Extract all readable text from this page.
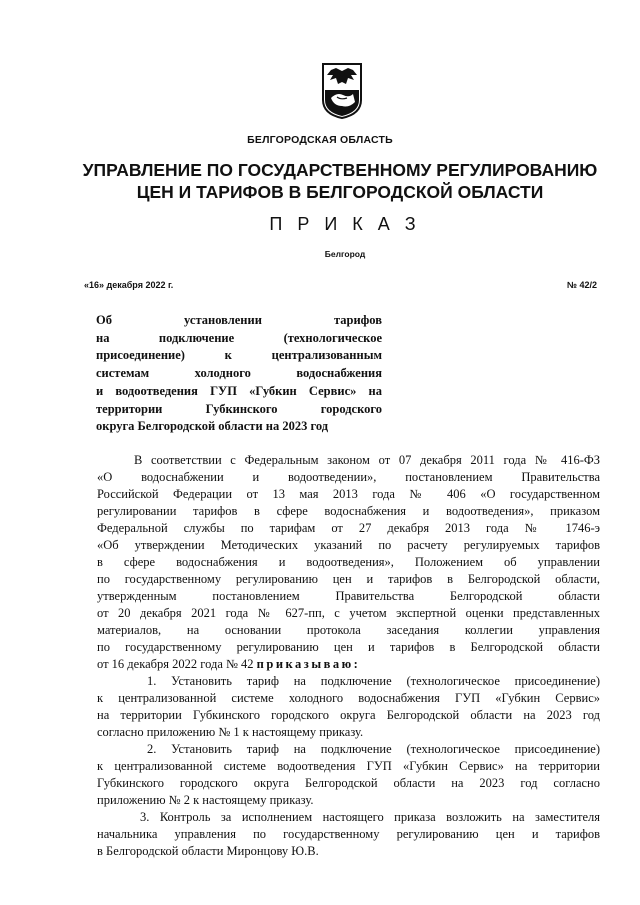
БЕЛГОРОДСКАЯ ОБЛАСТЬ
УПРАВЛЕНИЕ ПО ГОСУДАРСТВЕННОМУ РЕГУЛИРОВАНИЮ
ЦЕН И ТАРИФОВ В БЕЛГОРОДСКОЙ ОБЛАСТИ
П Р И К А З
Белгород
«16» декабря 2022 г.	№ 42/2
Об установлении тарифов
на подключение (технологическое
присоединение) к централизованным
системам холодного водоснабжения
и водоотведения ГУП «Губкин Сервис» на
территории Губкинского городского
округа Белгородской области на 2023 год
В соответствии с Федеральным законом от 07 декабря 2011 года № 416-ФЗ
«О водоснабжении и водоотведении», постановлением Правительства
Российской Федерации от 13 мая 2013 года № 406 «О государственном
регулировании тарифов в сфере водоснабжения и водоотведения», приказом
Федеральной службы по тарифам от 27 декабря 2013 года № 1746-э
«Об утверждении Методических указаний по расчету регулируемых тарифов
в сфере водоснабжения и водоотведения», Положением об управлении
по государственному регулированию цен и тарифов в Белгородской области,
утвержденным постановлением Правительства Белгородской области
от 20 декабря 2021 года № 627-пп, с учетом экспертной оценки представленных
материалов, на основании протокола заседания коллегии управления
по государственному регулированию цен и тарифов в Белгородской области
от 16 декабря 2022 года № 42 приказываю:
1. Установить тариф на подключение (технологическое присоединение)
к централизованной системе холодного водоснабжения ГУП «Губкин Сервис»
на территории Губкинского городского округа Белгородской области на 2023 год
согласно приложению № 1 к настоящему приказу.
2. Установить тариф на подключение (технологическое присоединение)
к централизованной системе водоотведения ГУП «Губкин Сервис» на территории
Губкинского городского округа Белгородской области на 2023 год согласно
приложению № 2 к настоящему приказу.
3. Контроль за исполнением настоящего приказа возложить на заместителя
начальника управления по государственному регулированию цен и тарифов
в Белгородской области Миронцову Ю.В.
